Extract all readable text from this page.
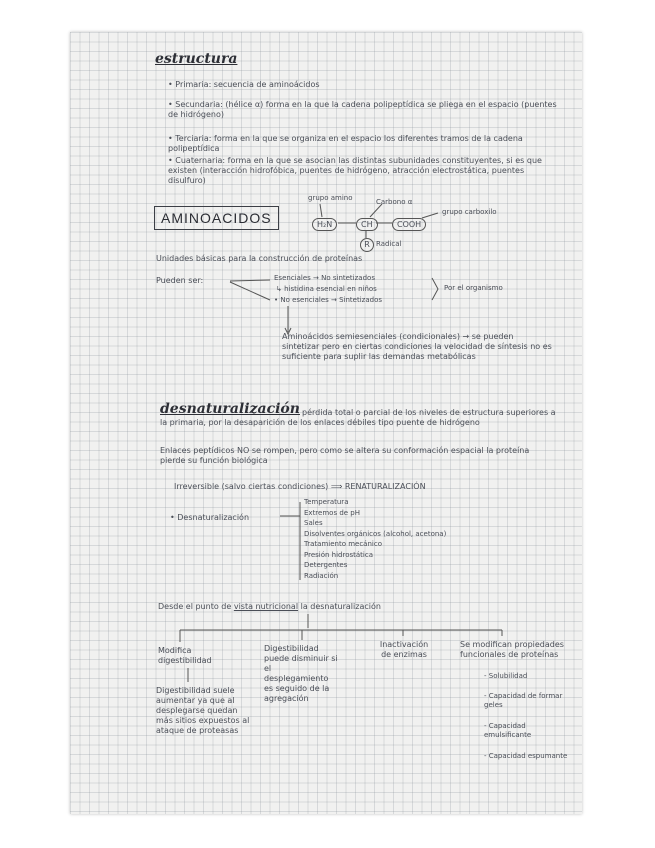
estructura
• Primaria: secuencia de aminoácidos
• Secundaria: (hélice α) forma en la que la cadena polipeptídica se pliega en el espacio (puentes de hidrógeno)
• Terciaria: forma en la que se organiza en el espacio los diferentes tramos de la cadena polipeptídica
• Cuaternaria: forma en la que se asocian las distintas subunidades constituyentes, si es que existen (interacción hidrofóbica, puentes de hidrógeno, atracción electrostática, puentes disulfuro)
AMINOACIDOS
grupo amino	Carbono α
grupo carboxilo
H₂N	CH	COOH
R Radical
Unidades básicas para la construcción de proteínas
Pueden ser:	Esenciales → No sintetizados
↳ histidina esencial en niños
• No esenciales → Sintetizados
Por el organismo
Aminoácidos semiesenciales (condicionales) → se pueden sintetizar pero en ciertas condiciones la velocidad de síntesis no es suficiente para suplir las demandas metabólicas
desnaturalización pérdida total o parcial de los niveles de estructura superiores a la primaria, por la desaparición de los enlaces débiles tipo puente de hidrógeno
Enlaces peptídicos NO se rompen, pero como se altera su conformación espacial la proteína pierde su función biológica
Irreversible (salvo ciertas condiciones) ⟹ RENATURALIZACIÓN
• Desnaturalización
Temperatura
Extremos de pH
Sales
Disolventes orgánicos (alcohol, acetona)
Tratamiento mecánico
Presión hidrostática
Detergentes
Radiación
Desde el punto de vista nutricional la desnaturalización
Modifica digestibilidad
Digestibilidad suele aumentar ya que al desplegarse quedan más sitios expuestos al ataque de proteasas
Digestibilidad puede disminuir si el desplegamiento es seguido de la agregación
Inactivación de enzimas
Se modifican propiedades funcionales de proteínas
- Solubilidad
- Capacidad de formar geles
- Capacidad emulsificante
- Capacidad espumante
